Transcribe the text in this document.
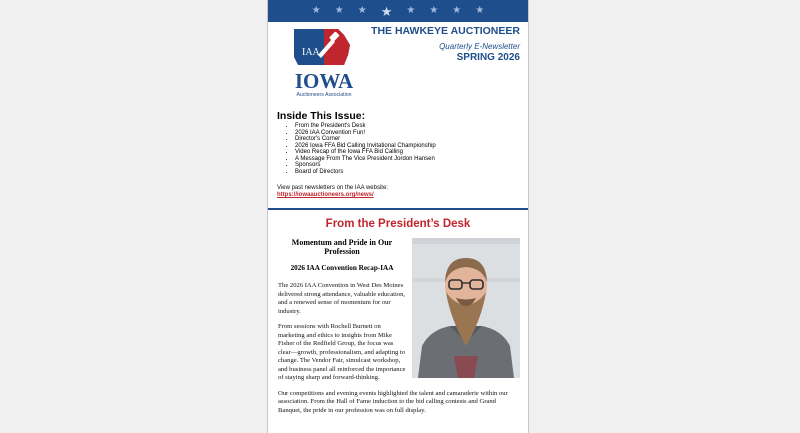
★ ★ ★ ★ ★ ★ ★ ★
IAA
IOWA
Auctioneers Association
THE HAWKEYE AUCTIONEER
Quarterly E-Newsletter
SPRING 2026
Inside This Issue:
• From the President's Desk
• 2026 IAA Convention Fun!
• Director's Corner
• 2026 Iowa FFA Bid Calling Invitational Championship
• Video Recap of the Iowa FFA Bid Calling
• A Message From The Vice President Jordon Hansen
• Sponsors
• Board of Directors
View past newsletters on the IAA website:
https://iowaauctioneers.org/news/
From the President’s Desk
Momentum and Pride in Our Profession
2026 IAA Convention Recap-IAA

The 2026 IAA Convention in West Des Moines delivered strong attendance, valuable education, and a renewed sense of momentum for our industry.

From sessions with Rochell Burnett on marketing and ethics to insights from Mike Fisher of the Redfield Group, the focus was clear—growth, professionalism, and adapting to change. The Vendor Fair, simulcast workshop, and business panel all reinforced the importance of staying sharp and forward-thinking.

Our competitions and evening events highlighted the talent and camaraderie within our association. From the Hall of Fame induction to the bid calling contests and Grand Banquet, the pride in our profession was on full display.
